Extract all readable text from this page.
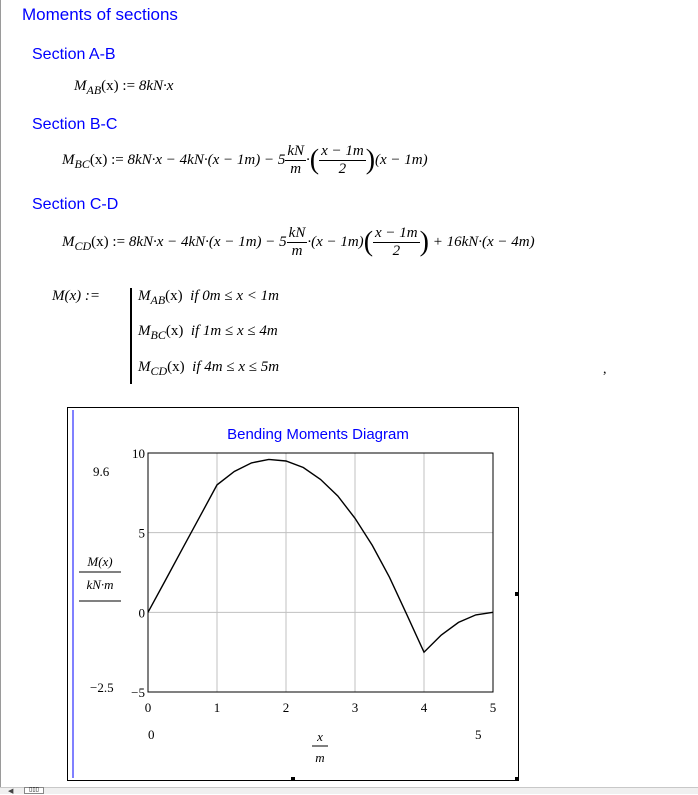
Moments of sections
Section A-B
$M_{AB}(x)$ := 8kN·x
Section B-C
$M_{BC}(x)$ := $8kN\cdot x - 4kN\cdot(x - 1m) - 5 \frac{kN}{m}$ ·( $\frac{x - 1m}{2} )(x - 1m)$
Section C-D
$M_{CD}(x)$ := $8kN\cdot x - 4kN\cdot(x - 1m) - 5 \frac{kN}{m} \cdot(x - 1m)( \frac{x - 1m}{2}$ ) + 16kN·(x − 4m)
M(x) :=	$M_{AB}(x)$ if 0m ≤ x < 1m
$M_{BC}(x)$ if 1m ≤ x ≤ 4m
$M_{CD}(x)$ if 4m ≤ x ≤ 5m	,
Bending Moments Diagram
0	1	2	3	4	5
10
5
0
−5
9.6
−2.5
M(x)
kN·m
0	5
x
m
◀	▯▯▯
